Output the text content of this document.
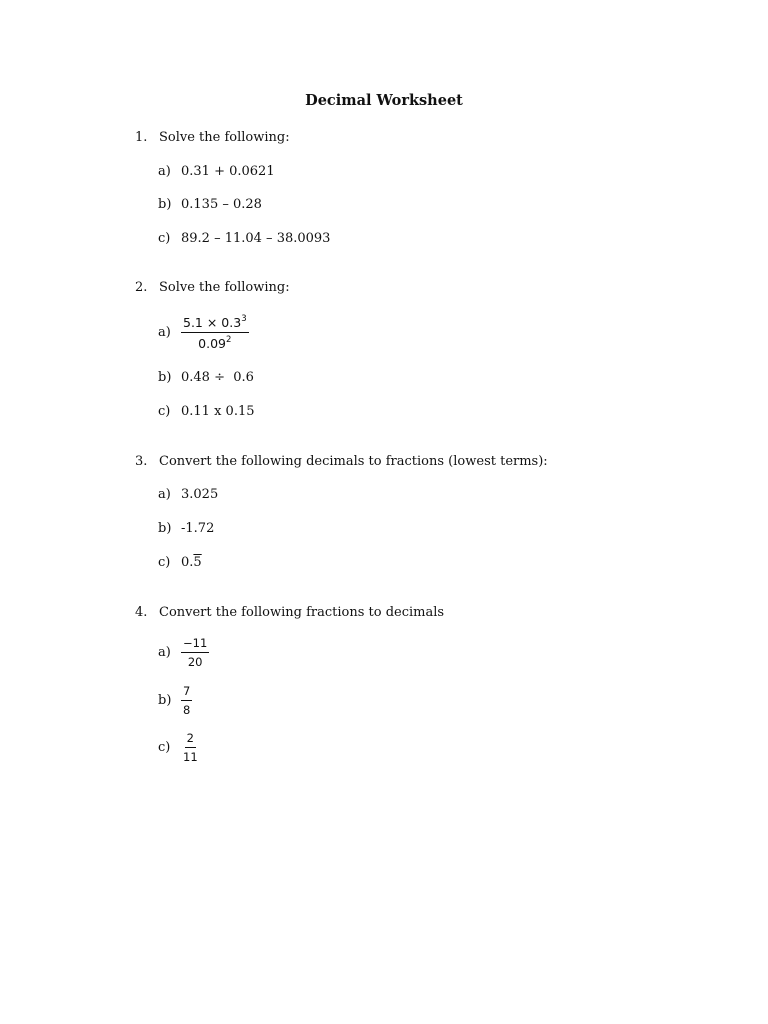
Decimal Worksheet
1. Solve the following:
a) 0.31 + 0.0621
b) 0.135 – 0.28
c) 89.2 – 11.04 – 38.0093
2. Solve the following:
$a) \frac{5.1 \times 0.3^3}{0.09^2}$
b) 0.48 ÷  0.6
c) 0.11 x 0.15
3. Convert the following decimals to fractions (lowest terms):
a) 3.025
b) -1.72
c) 0.5
4. Convert the following fractions to decimals
$a) \frac{-11}{20}$
$b) \frac{7}{8}$
$c) \frac{2}{11}$
